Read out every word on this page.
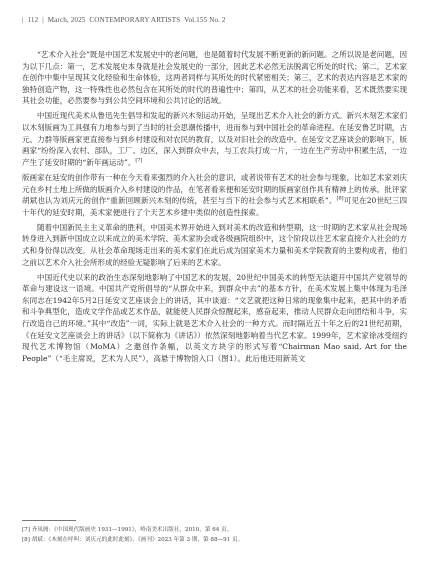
| 112 | March, 2025 CONTEMPORARY ARTISTS Vol.155 No. 2

“艺术介入社会”既是中国艺术发展史中的老问题，也是随着时代发展不断更新的新问题。之所以说是老问题，因为以下几点：第一，艺术发展史本身就是社会发展史的一部分，因此艺术必然无法脱离它所处的时代；第二，艺术家在创作中集中呈现其文化经验和生命体验，这两者同样与其所处的时代紧密相关；第三，艺术的表达内容是艺术家的独特创造产物，这一特殊性也必然包含在其所处的时代的普遍性中；第四，从艺术的社会功能来看，艺术既然要实现其社会功能，必然要参与到公共空间环境和公共讨论的话域。

中国近现代美术从鲁迅先生倡导和发起的新兴木刻运动开始，呈现出艺术介入社会的新方式。新兴木刻艺术家们以木刻版画为工具强有力地参与到了当时的社会思潮传播中，进而参与到中国社会的革命进程。在延安鲁艺时期，古元、力群等版画家更直接参与到乡村建设和对农民的教育，以及对旧社会的改造中。在延安文艺座谈会的影响下，版画家“纷纷深入农村、部队，工厂、边区，深入到群众中去，与工农兵打成一片，一边在生产劳动中积累生活，一边产生了延安时期的“新年画运动”。[7]

版画家在延安的创作带有一种在今天看来强烈的介入社会的意识，或者说带有艺术的社会参与现象，比如艺术家刘庆元在乡村土地上所做的版画介入乡村建设的作品，在笔者看来便和延安时期的版画家创作具有精神上的传承。批评家胡斌也认为刘庆元的创作“重新回顾新兴木刻的传统，甚至与当下的社会参与式艺术相联系”。[8]可见在20世纪三四十年代的延安时期，美术家便进行了个天艺术乡建中类似的创造性探索。

随着中国新民主主义革命的胜利，中国美术界开始进入到对美术的改造和转型期，这一时期的艺术家从社会现场转身进入到新中国成立以来成立的美术学院、美术家协会或各级画院组织中，这个阶段以往艺术家直接介入社会的方式和身份得以改变。从社会革命现场走出来的美术家们在此后成为国家美术力量和美术学院教育的主要构成者，他们之前以艺术介入社会所形成的经验无疑影响了后来的艺术家。

中国近代史以来的政治生态深刻地影响了中国艺术的发展，20世纪中国美术的转型无法避开中国共产党领导的革命与建设这一语境。中国共产党所倡导的“从群众中来，到群众中去”的基本方针，在美术发展上集中体现为毛泽东同志在1942年5月2日延安文艺座谈会上的讲话，其中谈道：“文艺就把这种日常的现象集中起来，把其中的矛盾和斗争典型化，造成文学作品或艺术作品，就能使人民群众惊醒起来，感奋起来，推动人民群众走向团结和斗争，实行改造自己的环境。”其中“改造”一词，实际上就是艺术介入社会的一种方式。而时隔近五十年之后的21世纪初期，《在延安文艺座谈会上的讲话》（以下简称为《讲话》）依然深刻地影响着当代艺术家。1999年，艺术家徐冰受纽约现代艺术博物馆（MoMA）之邀创作条幅，以英文方块字的形式写着“Chairman Mao said, Art for the People”（“毛主席说，艺术为人民”），高悬于博物馆入口（图1）。此后他还用新英文

[7] 齐凤阁：《中国现代版画史 1931—1991》，岭南美术出版社，2010，第 64 页。
[8] 胡斌：《木刻在呼叫：刘庆元的此时此刻》，《画刊》2023 年第 3 期，第 88—91 页。
